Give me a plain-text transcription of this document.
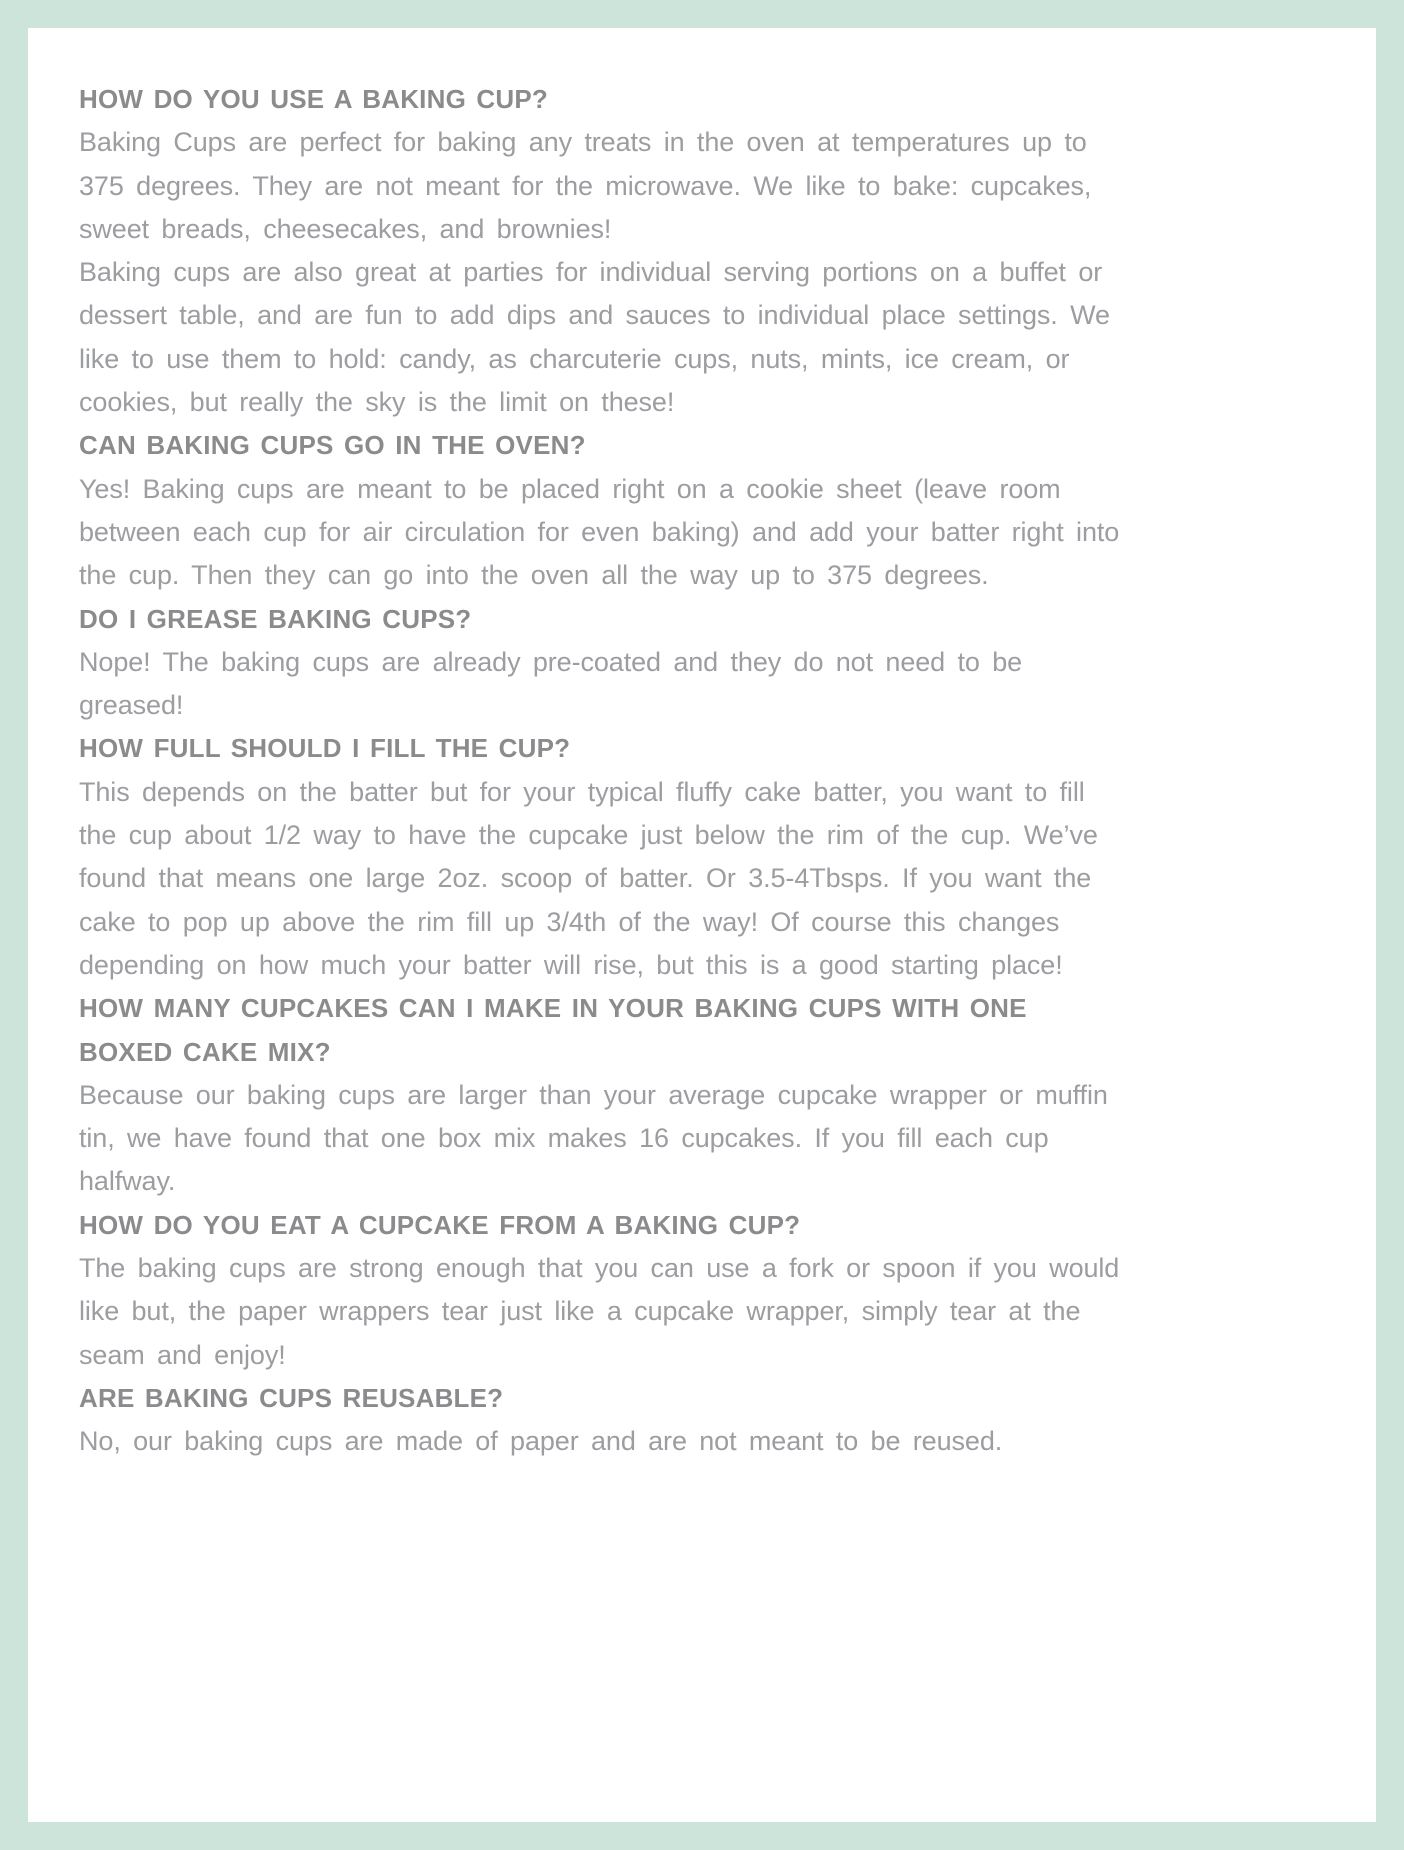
HOW DO YOU USE A BAKING CUP?

Baking Cups are perfect for baking any treats in the oven at temperatures up to 375 degrees. They are not meant for the microwave. We like to bake: cupcakes, sweet breads, cheesecakes, and brownies!

Baking cups are also great at parties for individual serving portions on a buffet or dessert table, and are fun to add dips and sauces to individual place settings. We like to use them to hold: candy, as charcuterie cups, nuts, mints, ice cream, or cookies, but really the sky is the limit on these!

CAN BAKING CUPS GO IN THE OVEN?

Yes! Baking cups are meant to be placed right on a cookie sheet (leave room between each cup for air circulation for even baking) and add your batter right into the cup. Then they can go into the oven all the way up to 375 degrees.

DO I GREASE BAKING CUPS?

Nope! The baking cups are already pre-coated and they do not need to be greased!

HOW FULL SHOULD I FILL THE CUP?

This depends on the batter but for your typical fluffy cake batter, you want to fill the cup about 1/2 way to have the cupcake just below the rim of the cup. We’ve found that means one large 2oz. scoop of batter. Or 3.5-4Tbsps. If you want the cake to pop up above the rim fill up 3/4th of the way! Of course this changes depending on how much your batter will rise, but this is a good starting place!

HOW MANY CUPCAKES CAN I MAKE IN YOUR BAKING CUPS WITH ONE BOXED CAKE MIX?

Because our baking cups are larger than your average cupcake wrapper or muffin tin, we have found that one box mix makes 16 cupcakes. If you fill each cup halfway.

HOW DO YOU EAT A CUPCAKE FROM A BAKING CUP?

The baking cups are strong enough that you can use a fork or spoon if you would like but, the paper wrappers tear just like a cupcake wrapper, simply tear at the seam and enjoy!

ARE BAKING CUPS REUSABLE?

No, our baking cups are made of paper and are not meant to be reused.
